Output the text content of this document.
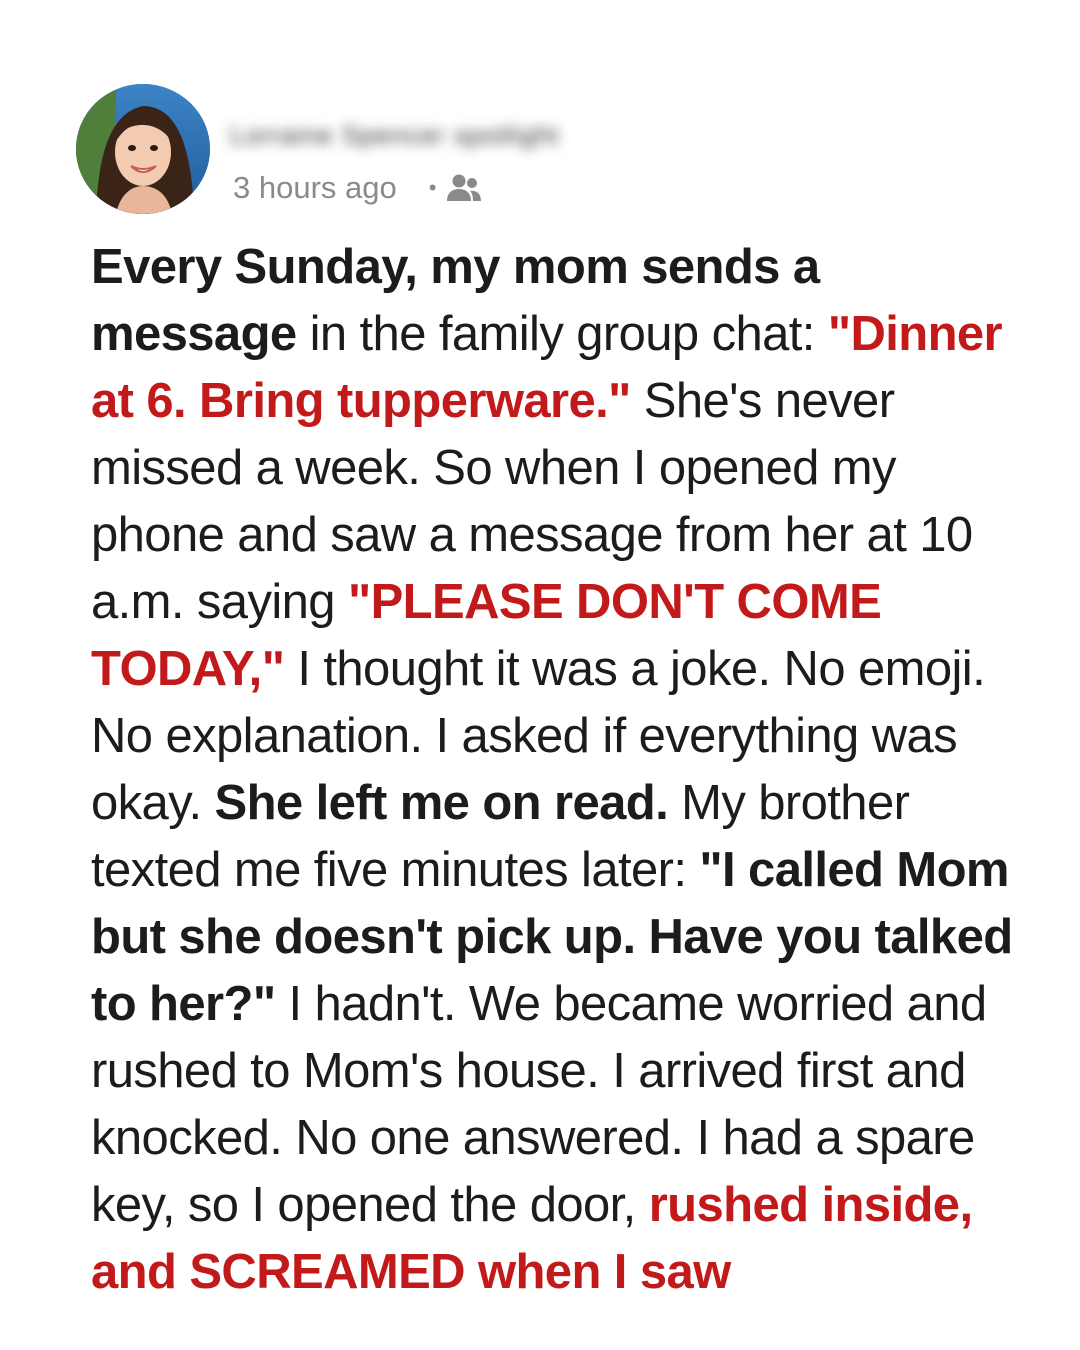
Lorraine Spencer spotlight
3 hours ago •
Every Sunday, my mom sends a message in the family group chat: "Dinner at 6. Bring tupperware." She's never missed a week. So when I opened my phone and saw a message from her at 10 a.m. saying "PLEASE DON'T COME TODAY," I thought it was a joke. No emoji. No explanation. I asked if everything was okay. She left me on read. My brother texted me five minutes later: "I called Mom but she doesn't pick up. Have you talked to her?" I hadn't. We became worried and rushed to Mom's house. I arrived first and knocked. No one answered. I had a spare key, so I opened the door, rushed inside, and SCREAMED when I saw
